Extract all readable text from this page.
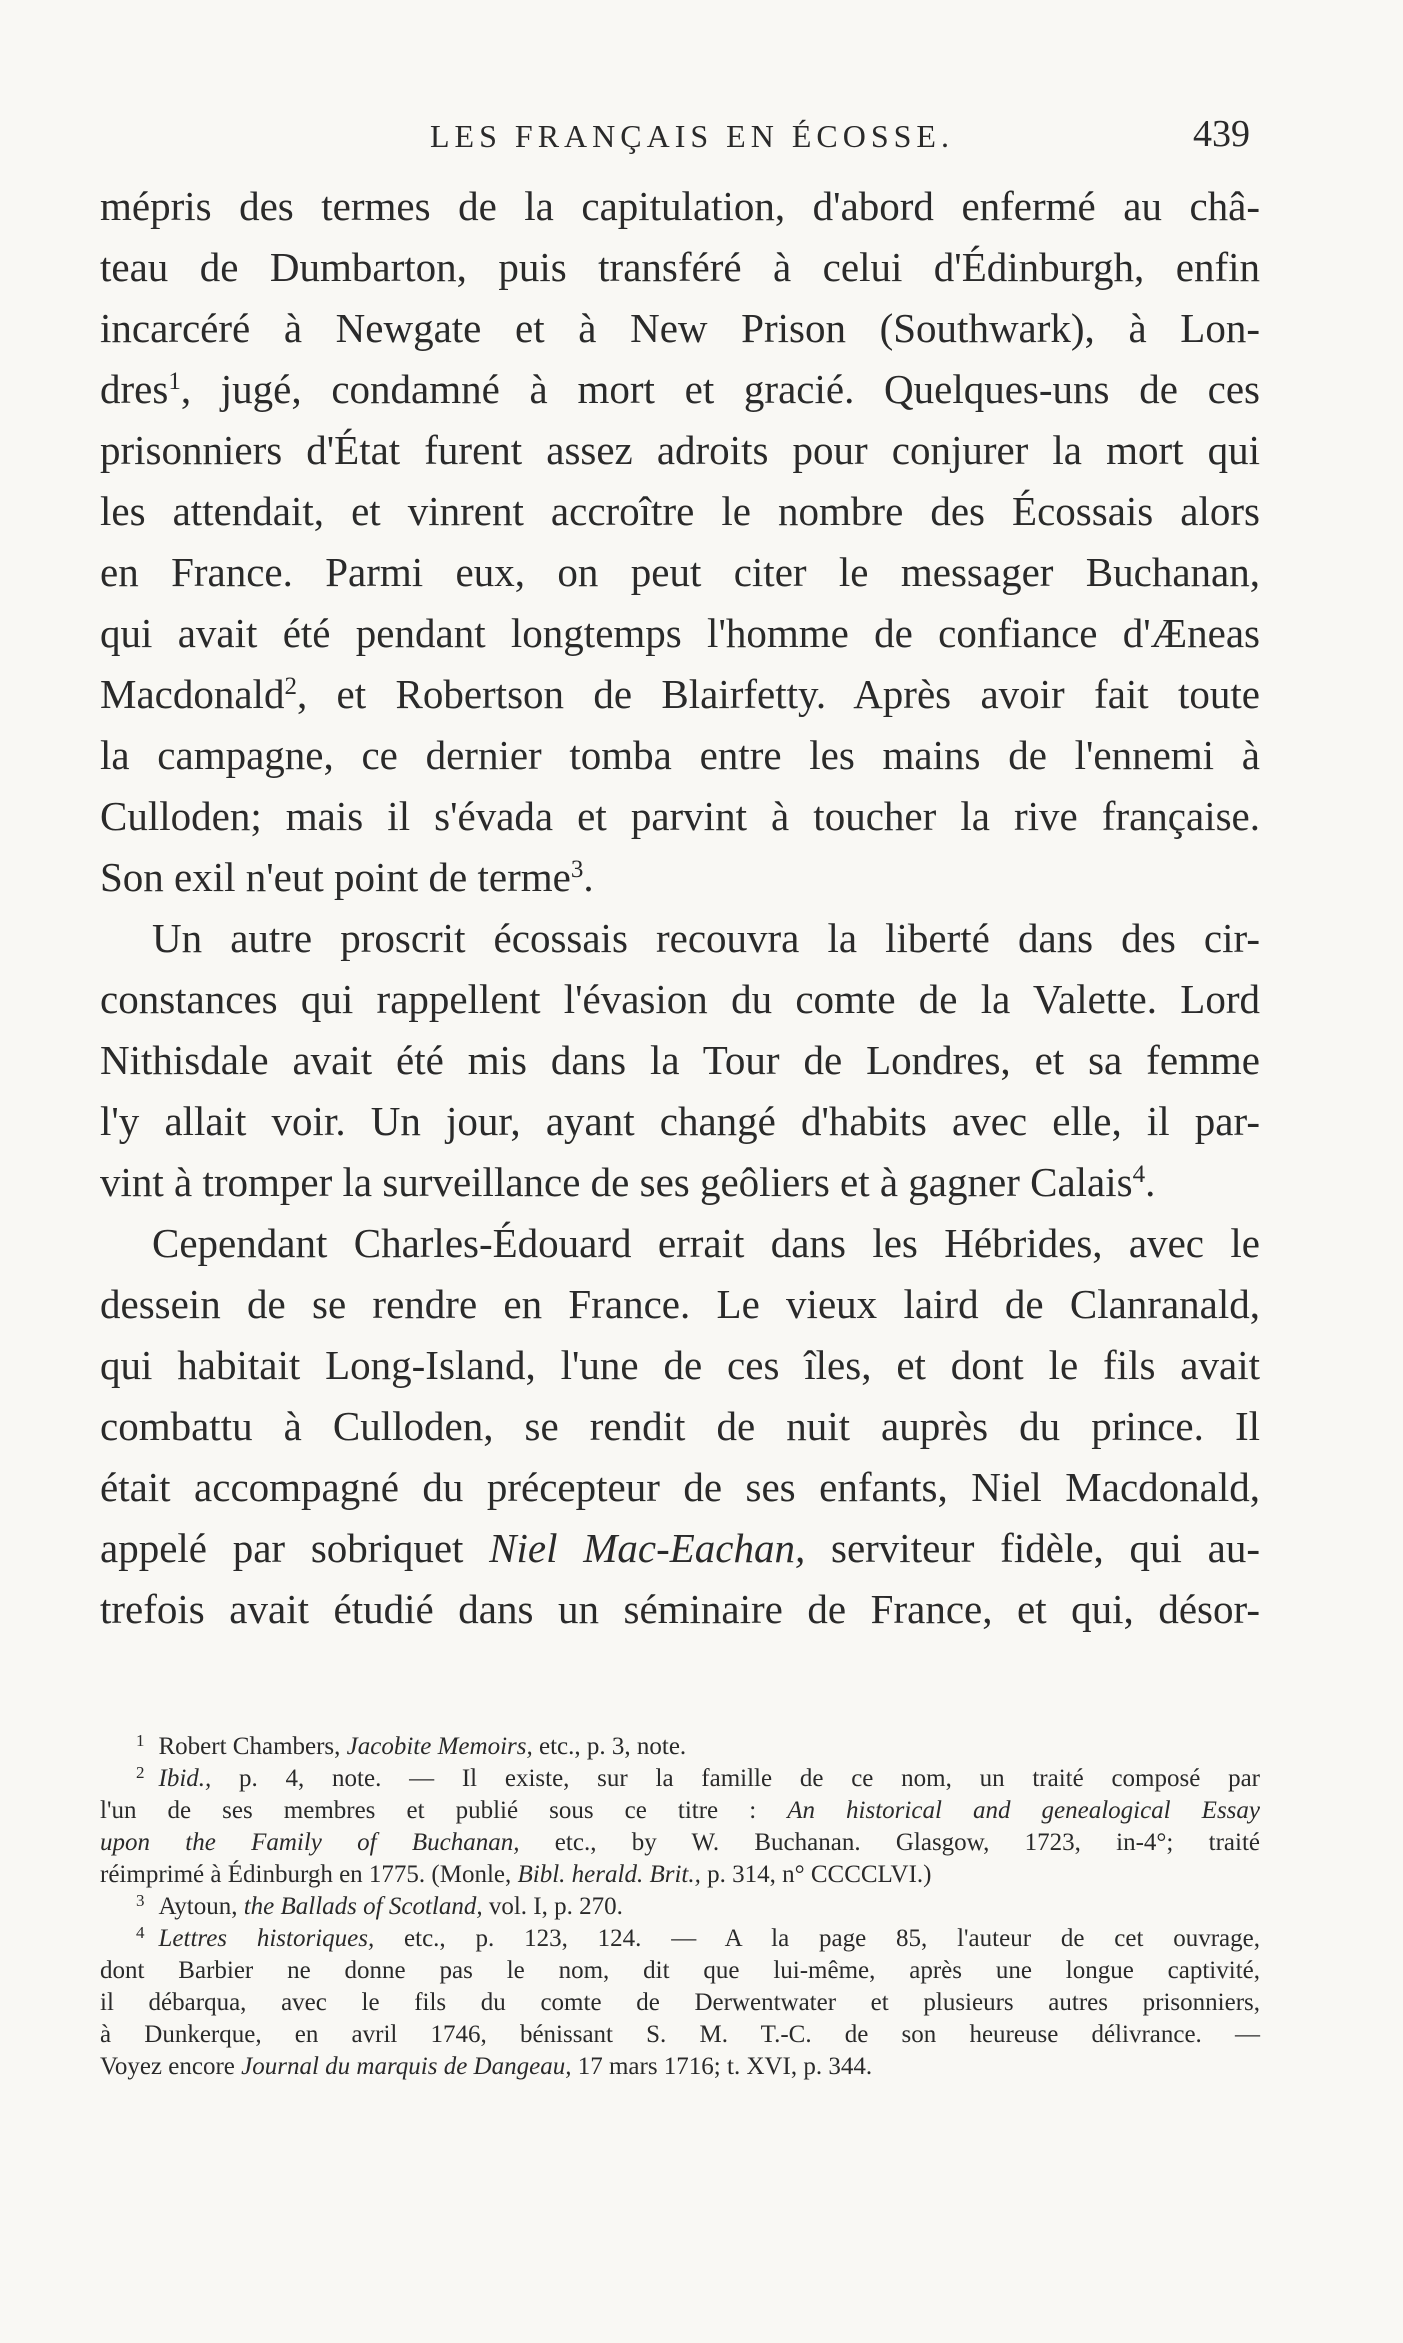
LES FRANÇAIS EN ÉCOSSE.	439
mépris des termes de la capitulation, d'abord enfermé au châ-
teau de Dumbarton, puis transféré à celui d'Édinburgh, enfin
incarcéré à Newgate et à New Prison (Southwark), à Lon-
dres$^1$, jugé, condamné à mort et gracié. Quelques-uns de ces
prisonniers d'État furent assez adroits pour conjurer la mort qui
les attendait, et vinrent accroître le nombre des Écossais alors
en France. Parmi eux, on peut citer le messager Buchanan,
qui avait été pendant longtemps l'homme de confiance d'Æneas
Macdonald$^2$, et Robertson de Blairfetty. Après avoir fait toute
la campagne, ce dernier tomba entre les mains de l'ennemi à
Culloden; mais il s'évada et parvint à toucher la rive française.
Son exil n'eut point de terme$^3$.
Un autre proscrit écossais recouvra la liberté dans des cir-
constances qui rappellent l'évasion du comte de la Valette. Lord
Nithisdale avait été mis dans la Tour de Londres, et sa femme
l'y allait voir. Un jour, ayant changé d'habits avec elle, il par-
vint à tromper la surveillance de ses geôliers et à gagner Calais$^4$.
Cependant Charles-Édouard errait dans les Hébrides, avec le
dessein de se rendre en France. Le vieux laird de Clanranald,
qui habitait Long-Island, l'une de ces îles, et dont le fils avait
combattu à Culloden, se rendit de nuit auprès du prince. Il
était accompagné du précepteur de ses enfants, Niel Macdonald,
appelé par sobriquet Niel Mac-Eachan, serviteur fidèle, qui au-
trefois avait étudié dans un séminaire de France, et qui, désor-
$^1$ Robert Chambers, Jacobite Memoirs, etc., p. 3, note.
$^2$ Ibid., p. 4, note. — Il existe, sur la famille de ce nom, un traité composé par
l'un de ses membres et publié sous ce titre : An historical and genealogical Essay
upon the Family of Buchanan, etc., by W. Buchanan. Glasgow, 1723, in-4°; traité
réimprimé à Édinburgh en 1775. (Monle, Bibl. herald. Brit., p. 314, n° CCCCLVI.)
$^3$ Aytoun, the Ballads of Scotland, vol. I, p. 270.
$^4$ Lettres historiques, etc., p. 123, 124. — A la page 85, l'auteur de cet ouvrage,
dont Barbier ne donne pas le nom, dit que lui-même, après une longue captivité,
il débarqua, avec le fils du comte de Derwentwater et plusieurs autres prisonniers,
à Dunkerque, en avril 1746, bénissant S. M. T.-C. de son heureuse délivrance. —
Voyez encore Journal du marquis de Dangeau, 17 mars 1716; t. XVI, p. 344.
